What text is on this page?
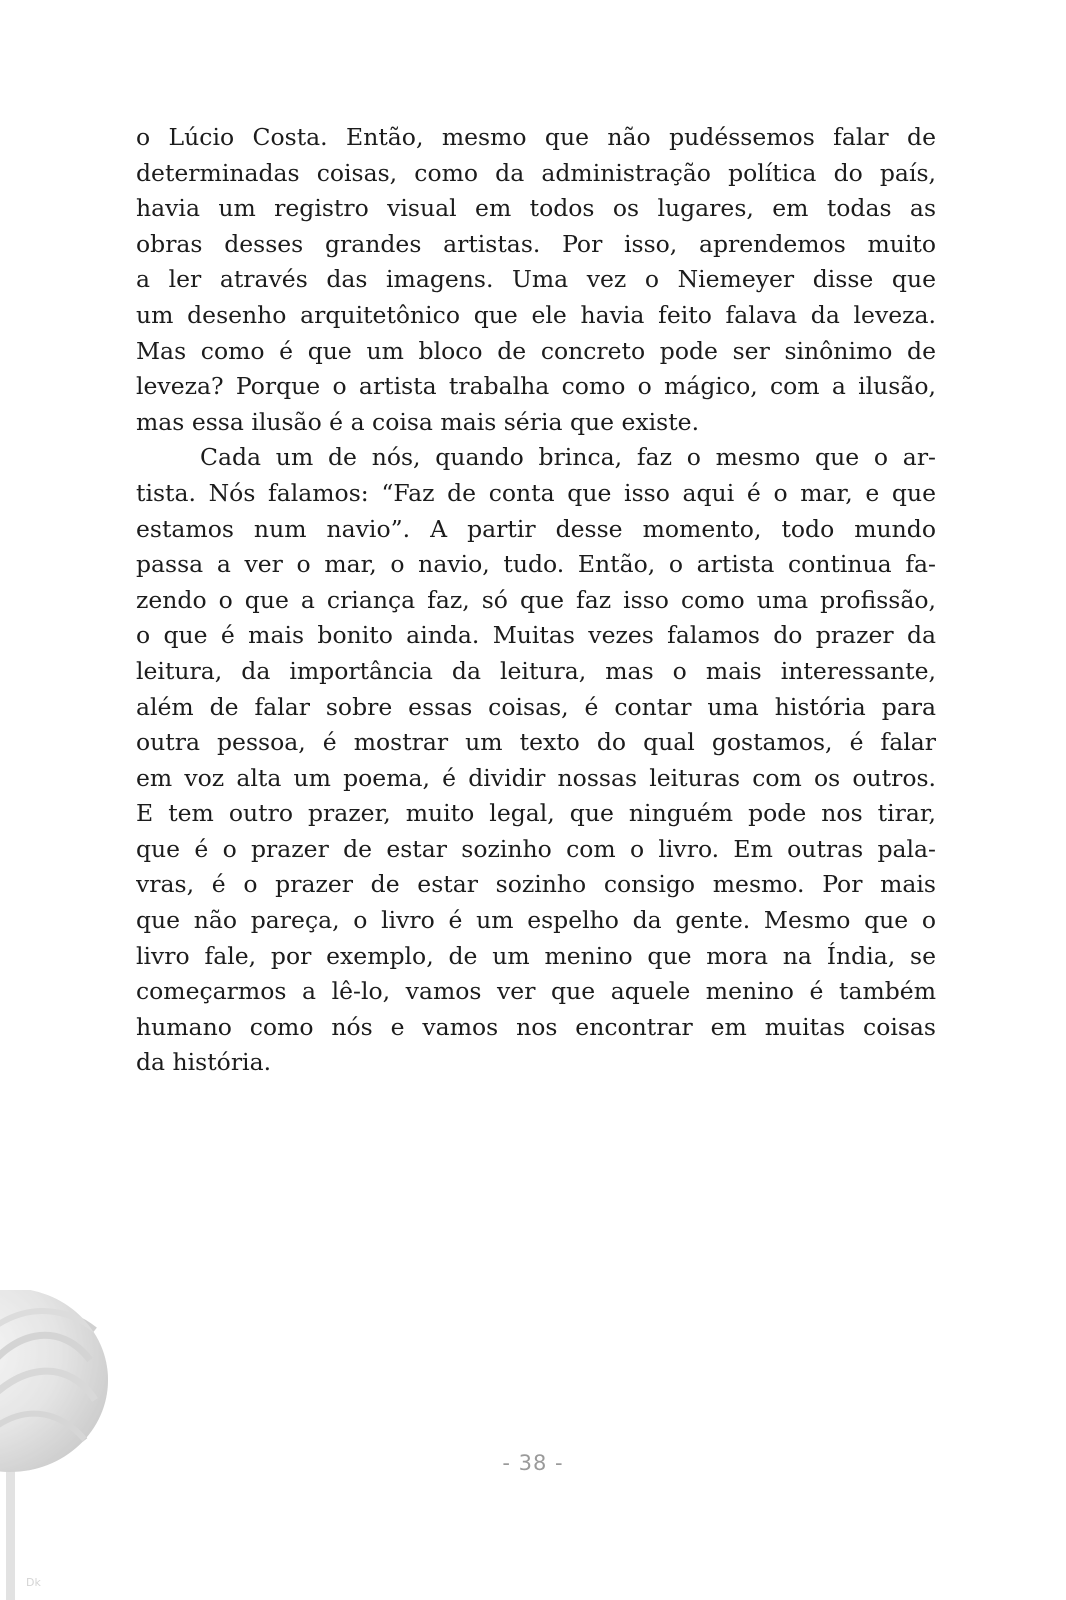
o Lúcio Costa. Então, mesmo que não pudéssemos falar de
determinadas coisas, como da administração política do país,
havia um registro visual em todos os lugares, em todas as
obras desses grandes artistas. Por isso, aprendemos muito
a ler através das imagens. Uma vez o Niemeyer disse que
um desenho arquitetônico que ele havia feito falava da leveza.
Mas como é que um bloco de concreto pode ser sinônimo de
leveza? Porque o artista trabalha como o mágico, com a ilusão,
mas essa ilusão é a coisa mais séria que existe.
Cada um de nós, quando brinca, faz o mesmo que o ar-
tista. Nós falamos: “Faz de conta que isso aqui é o mar, e que
estamos num navio”. A partir desse momento, todo mundo
passa a ver o mar, o navio, tudo. Então, o artista continua fa-
zendo o que a criança faz, só que faz isso como uma profissão,
o que é mais bonito ainda. Muitas vezes falamos do prazer da
leitura, da importância da leitura, mas o mais interessante,
além de falar sobre essas coisas, é contar uma história para
outra pessoa, é mostrar um texto do qual gostamos, é falar
em voz alta um poema, é dividir nossas leituras com os outros.
E tem outro prazer, muito legal, que ninguém pode nos tirar,
que é o prazer de estar sozinho com o livro. Em outras pala-
vras, é o prazer de estar sozinho consigo mesmo. Por mais
que não pareça, o livro é um espelho da gente. Mesmo que o
livro fale, por exemplo, de um menino que mora na Índia, se
começarmos a lê-lo, vamos ver que aquele menino é também
humano como nós e vamos nos encontrar em muitas coisas
da história.
Dk
- 38 -
